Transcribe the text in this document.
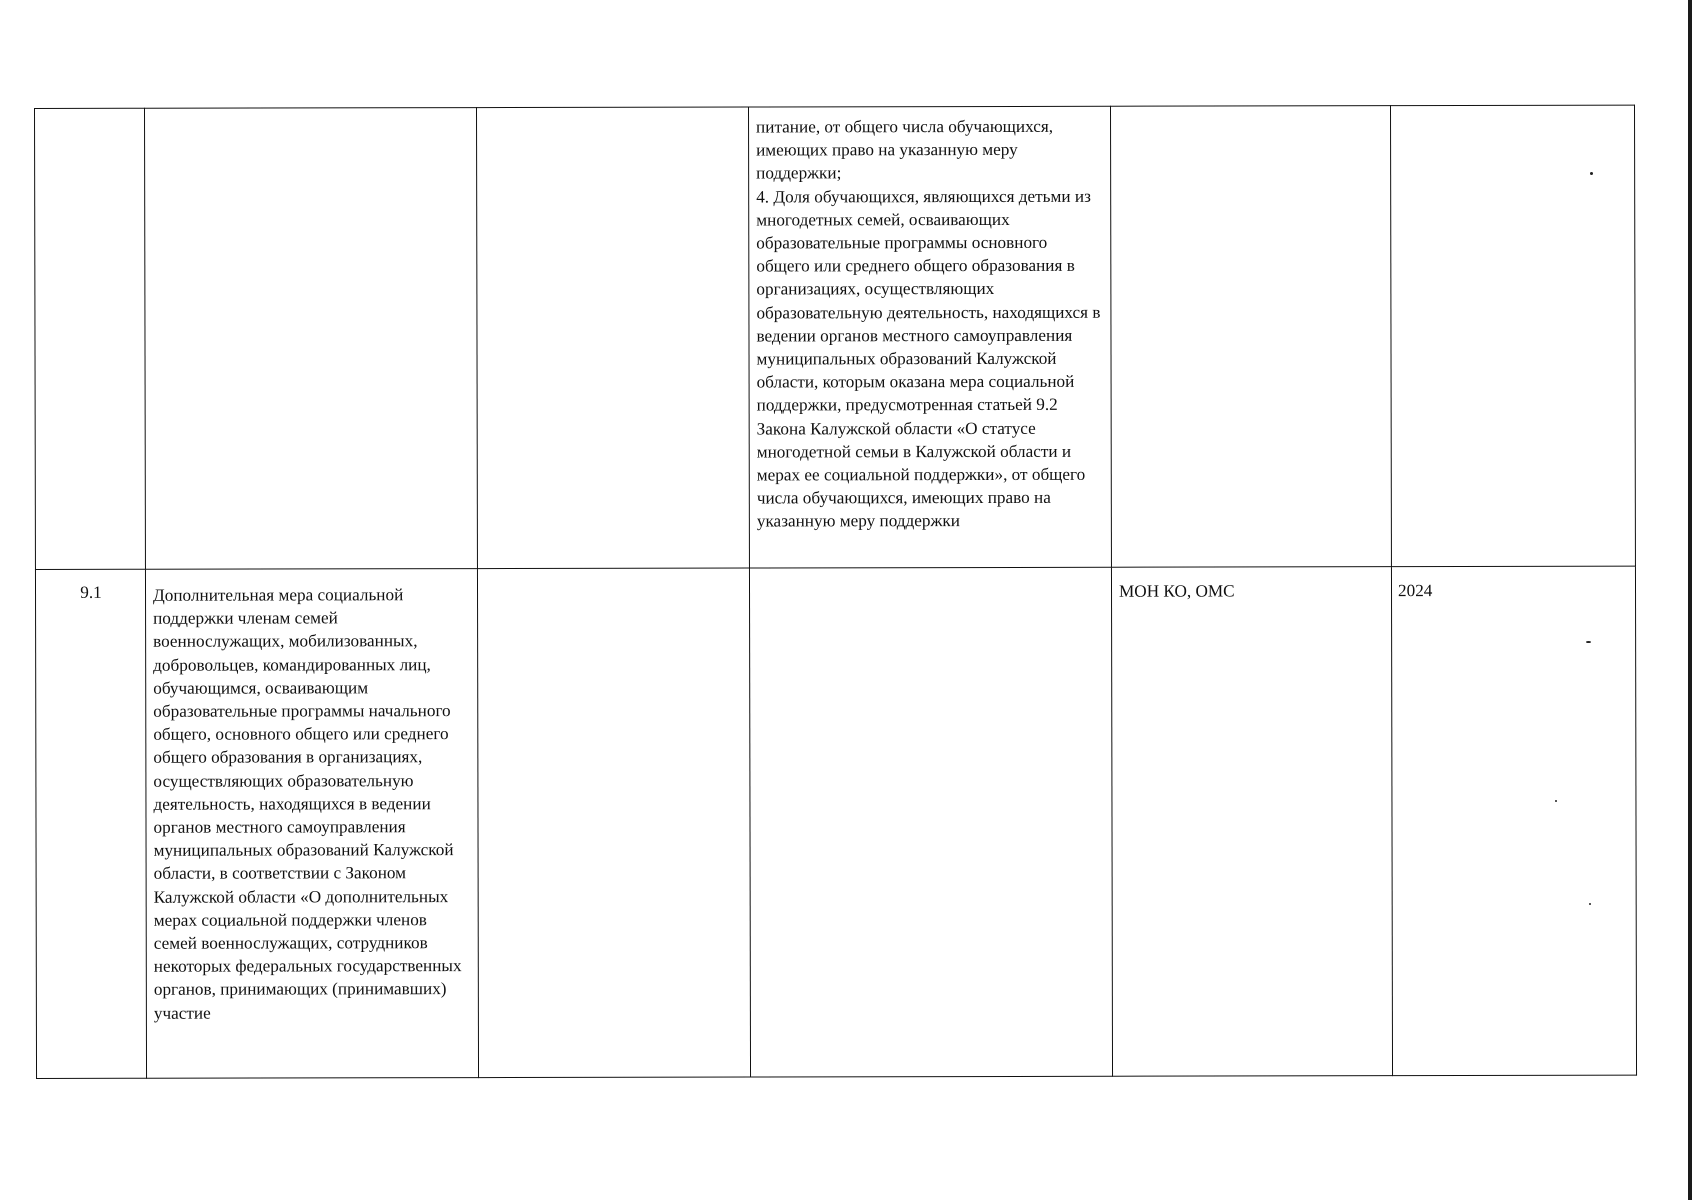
			питание, от общего числа обучающихся, имеющих право на указанную меру поддержки;
4. Доля обучающихся, являющихся детьми из многодетных семей, осваивающих образовательные программы основного общего или среднего общего образования в организациях, осуществляющих образовательную деятельность, находящихся в ведении органов местного самоуправления муниципальных образований Калужской области, которым оказана мера социальной поддержки, предусмотренная статьей 9.2 Закона Калужской области «О статусе многодетной семьи в Калужской области и мерах ее социальной поддержки», от общего числа обучающихся, имеющих право на указанную меру поддержки		

9.1	Дополнительная мера социальной поддержки членам семей военнослужащих, мобилизованных, добровольцев, командированных лиц, обучающимся, осваивающим образовательные программы начального общего, основного общего или среднего общего образования в организациях, осуществляющих образовательную деятельность, находящихся в ведении органов местного самоуправления муниципальных образований Калужской области, в соответствии с Законом Калужской области «О дополнительных мерах социальной поддержки членов семей военнослужащих, сотрудников некоторых федеральных государственных органов, принимающих (принимавших) участие			МОН КО, ОМС	2024
